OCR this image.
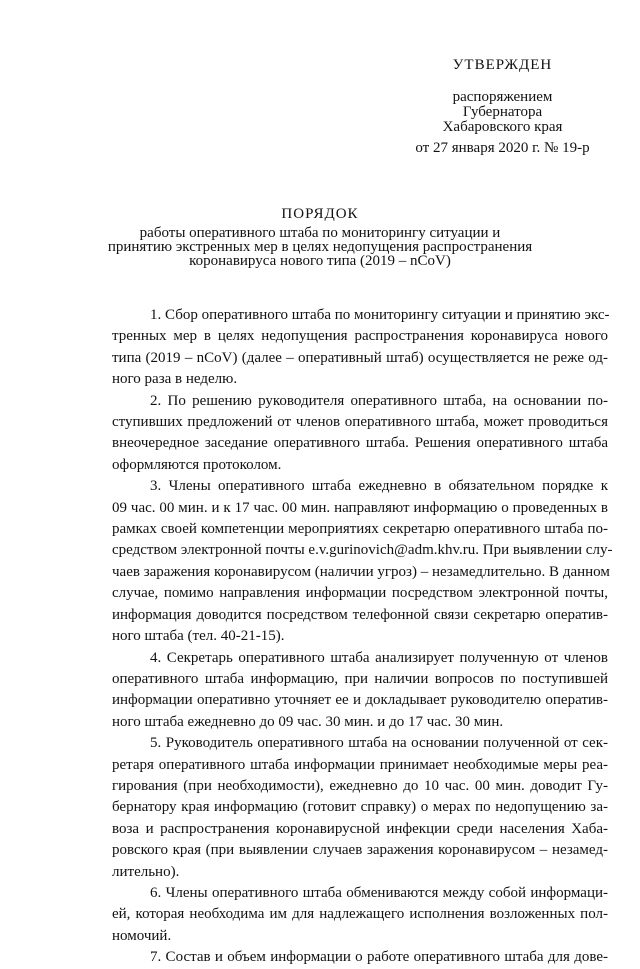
УТВЕРЖДЕН
распоряжением
Губернатора
Хабаровского края
от 27 января 2020 г. № 19-р
ПОРЯДОК
работы оперативного штаба по мониторингу ситуации и
принятию экстренных мер в целях недопущения распространения
коронавируса нового типа (2019 – nCoV)
1. Сбор оперативного штаба по мониторингу ситуации и принятию экс-
тренных мер в целях недопущения распространения коронавируса нового
типа (2019 – nCoV) (далее – оперативный штаб) осуществляется не реже од-
ного раза в неделю.
2. По решению руководителя оперативного штаба, на основании по-
ступивших предложений от членов оперативного штаба, может проводиться
внеочередное заседание оперативного штаба. Решения оперативного штаба
оформляются протоколом.
3. Члены оперативного штаба ежедневно в обязательном порядке к
09 час. 00 мин. и к 17 час. 00 мин. направляют информацию о проведенных в
рамках своей компетенции мероприятиях секретарю оперативного штаба по-
средством электронной почты e.v.gurinovich@adm.khv.ru. При выявлении слу-
чаев заражения коронавирусом (наличии угроз) – незамедлительно. В данном
случае, помимо направления информации посредством электронной почты,
информация доводится посредством телефонной связи секретарю оператив-
ного штаба (тел. 40-21-15).
4. Секретарь оперативного штаба анализирует полученную от членов
оперативного штаба информацию, при наличии вопросов по поступившей
информации оперативно уточняет ее и докладывает руководителю оператив-
ного штаба ежедневно до 09 час. 30 мин. и до 17 час. 30 мин.
5. Руководитель оперативного штаба на основании полученной от сек-
ретаря оперативного штаба информации принимает необходимые меры реа-
гирования (при необходимости), ежедневно до 10 час. 00 мин. доводит Гу-
бернатору края информацию (готовит справку) о мерах по недопущению за-
воза и распространения коронавирусной инфекции среди населения Хаба-
ровского края (при выявлении случаев заражения коронавирусом – незамед-
лительно).
6. Члены оперативного штаба обмениваются между собой информаци-
ей, которая необходима им для надлежащего исполнения возложенных пол-
номочий.
7. Состав и объем информации о работе оперативного штаба для дове-
